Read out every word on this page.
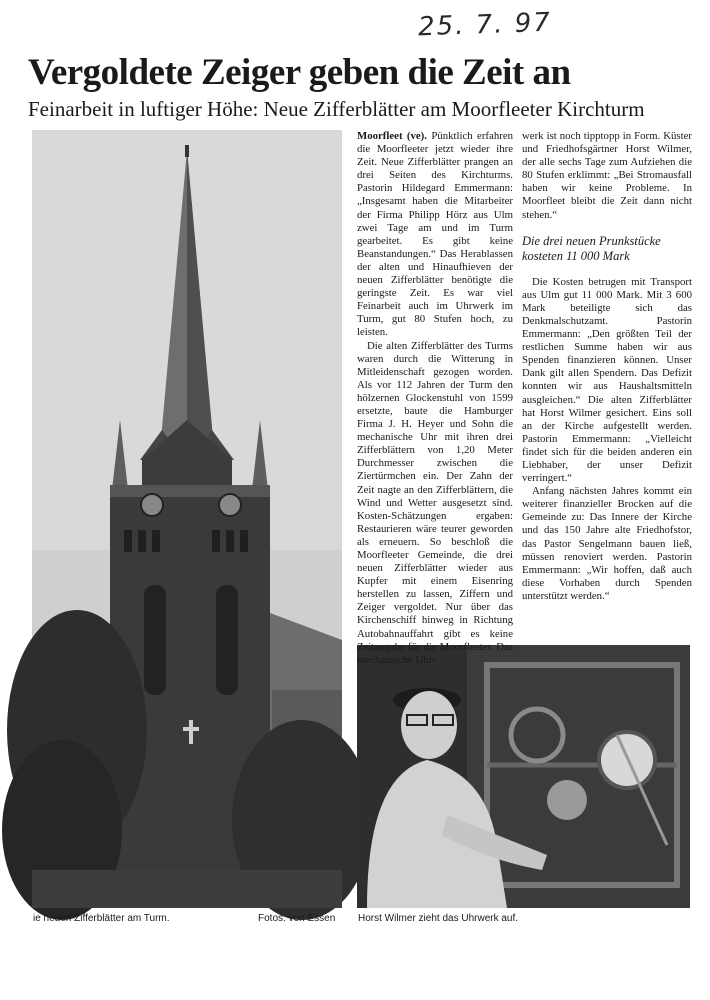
25. 7. 97
Vergoldete Zeiger geben die Zeit an
Feinarbeit in luftiger Höhe: Neue Zifferblätter am Moorfleeter Kirchturm
ie neuen Zifferblätter am Turm.	Fotos: von Essen Horst Wilmer zieht das Uhrwerk auf.

Moorfleet (ve). Pünktlich erfahren die Moorfleeter jetzt wieder ihre Zeit. Neue Zifferblätter prangen an drei Seiten des Kirchturms. Pastorin Hildegard Emmermann: „Insgesamt haben die Mitarbeiter der Firma Philipp Hörz aus Ulm zwei Tage am und im Turm gearbeitet. Es gibt keine Beanstandungen.“ Das Herablassen der alten und Hinaufhieven der neuen Zifferblätter benötigte die geringste Zeit. Es war viel Feinarbeit auch im Uhrwerk im Turm, gut 80 Stufen hoch, zu leisten.

Die alten Zifferblätter des Turms waren durch die Witterung in Mitleidenschaft gezogen worden. Als vor 112 Jahren der Turm den hölzernen Glockenstuhl von 1599 ersetzte, baute die Hamburger Firma J. H. Heyer und Sohn die mechanische Uhr mit ihren drei Zifferblättern von 1,20 Meter Durchmesser zwischen die Ziertürmchen ein. Der Zahn der Zeit nagte an den Zifferblättern, die Wind und Wetter ausgesetzt sind. Kosten-Schätzungen ergaben: Restaurieren wäre teurer geworden als erneuern. So beschloß die Moorfleeter Gemeinde, die drei neuen Zifferblätter wieder aus Kupfer mit einem Eisenring herstellen zu lassen, Ziffern und Zeiger vergoldet. Nur über das Kirchenschiff hinweg in Richtung Autobahnauffahrt gibt es keine Zeitangabe für die Moorfleeter. Das mechanische Uhr-

werk ist noch tipptopp in Form. Küster und Friedhofsgärtner Horst Wilmer, der alle sechs Tage zum Aufziehen die 80 Stufen erklimmt: „Bei Stromausfall haben wir keine Probleme. In Moorfleet bleibt die Zeit dann nicht stehen.“

Die drei neuen Prunkstücke kosteten 11 000 Mark

Die Kosten betrugen mit Transport aus Ulm gut 11 000 Mark. Mit 3 600 Mark beteiligte sich das Denkmalschutzamt. Pastorin Emmermann: „Den größten Teil der restlichen Summe haben wir aus Spenden finanzieren können. Unser Dank gilt allen Spendern. Das Defizit konnten wir aus Haushaltsmitteln ausgleichen.“ Die alten Zifferblätter hat Horst Wilmer gesichert. Eins soll an der Kirche aufgestellt werden. Pastorin Emmermann: „Vielleicht findet sich für die beiden anderen ein Liebhaber, der unser Defizit verringert.“

Anfang nächsten Jahres kommt ein weiterer finanzieller Brocken auf die Gemeinde zu: Das Innere der Kirche und das 150 Jahre alte Friedhofstor, das Pastor Sengelmann bauen ließ, müssen renoviert werden. Pastorin Emmermann: „Wir hoffen, daß auch diese Vorhaben durch Spenden unterstützt werden.“
